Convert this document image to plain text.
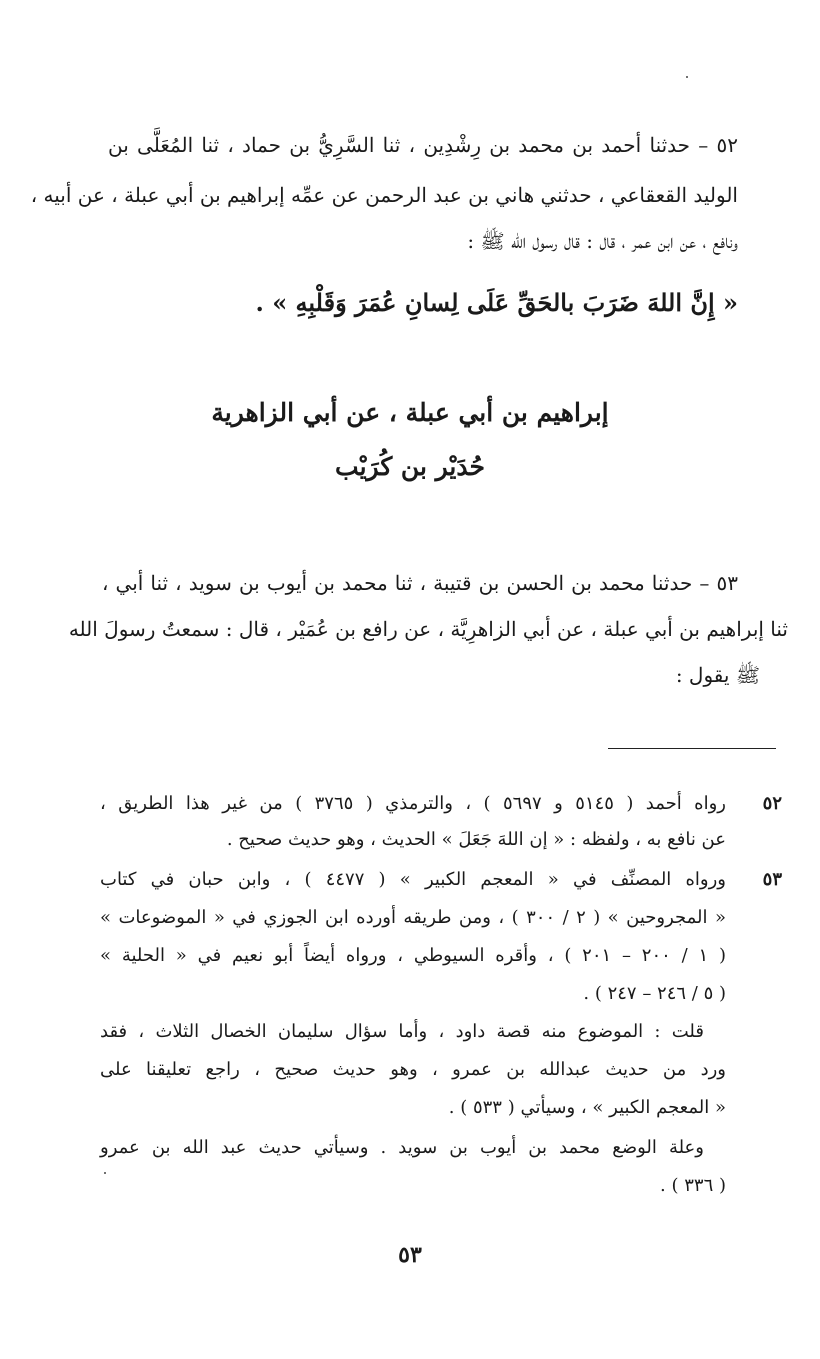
٥٢ – حدثنا أحمد بن محمد بن رِشْدِين ، ثنا السَّرِيُّ بن حماد ، ثنا المُعَلَّى بن
الوليد القعقاعي ، حدثني هاني بن عبد الرحمن عن عمِّه إبراهيم بن أبي عبلة ، عن أبيه ،
ونافع ، عن ابن عمر ، قال : قال رسول الله ﷺ :
« إِنَّ اللهَ ضَرَبَ بالحَقِّ عَلَى لِسانِ عُمَرَ وَقَلْبِهِ » .
إبراهيم بن أبي عبلة ، عن أبي الزاهرية
حُدَيْر بن كُرَيْب
٥٣ – حدثنا محمد بن الحسن بن قتيبة ، ثنا محمد بن أيوب بن سويد ، ثنا أبي ،
ثنا إبراهيم بن أبي عبلة ، عن أبي الزاهرِيَّة ، عن رافع بن عُمَيْر ، قال : سمعتُ رسولَ الله
ﷺ يقول :
٥٢
رواه أحمد ( ٥١٤٥ و ٥٦٩٧ ) ، والترمذي ( ٣٧٦٥ ) من غير هذا الطريق ،
عن نافع به ، ولفظه : « إن اللهَ جَعَلَ » الحديث ، وهو حديث صحيح .
٥٣
ورواه المصنِّف في « المعجم الكبير » ( ٤٤٧٧ ) ، وابن حبان في كتاب
« المجروحين » ( ٢ / ٣٠٠ ) ، ومن طريقه أورده ابن الجوزي في « الموضوعات »
( ١ / ٢٠٠ – ٢٠١ ) ، وأقره السيوطي ، ورواه أيضاً أبو نعيم في « الحلية »
( ٥ / ٢٤٦ – ٢٤٧ ) .
قلت : الموضوع منه قصة داود ، وأما سؤال سليمان الخصال الثلاث ، فقد
ورد من حديث عبدالله بن عمرو ، وهو حديث صحيح ، راجع تعليقنا على
« المعجم الكبير » ، وسيأتي ( ٥٣٣ ) .
وعلة الوضع محمد بن أيوب بن سويد . وسيأتي حديث عبد الله بن عمرو
( ٣٣٦ ) .
٥٣
